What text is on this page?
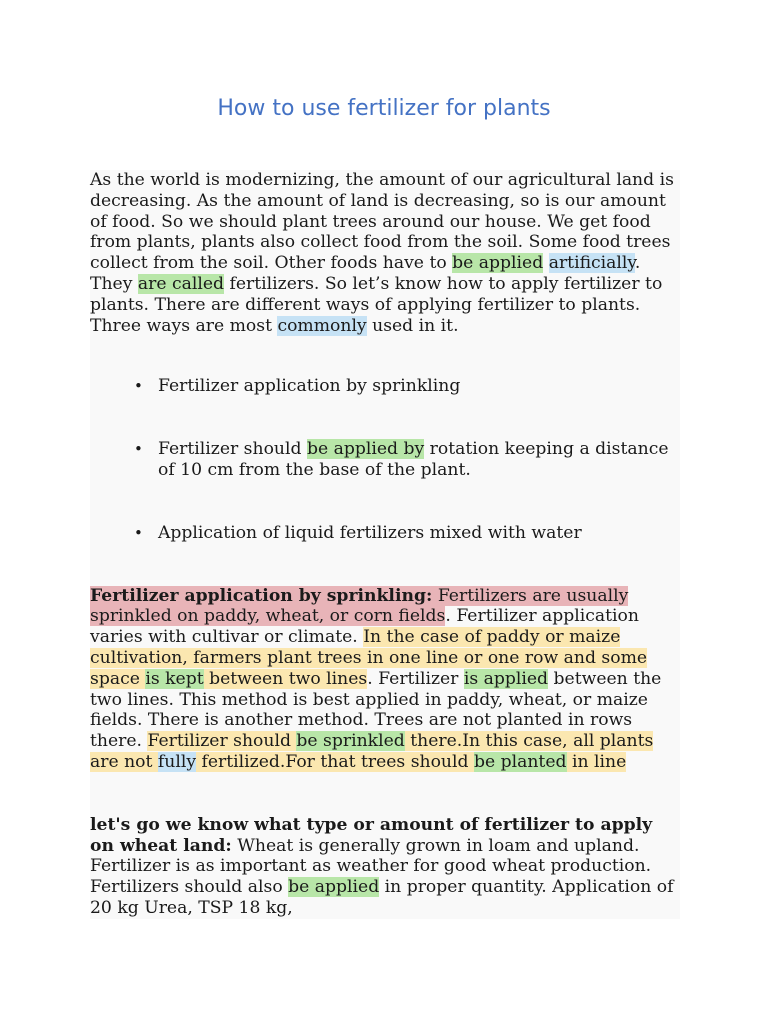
How to use fertilizer for plants

As the world is modernizing, the amount of our agricultural land is decreasing. As the amount of land is decreasing, so is our amount of food. So we should plant trees around our house. We get food from plants, plants also collect food from the soil. Some food trees collect from the soil. Other foods have to be applied artificially. They are called fertilizers. So let’s know how to apply fertilizer to plants. There are different ways of applying fertilizer to plants. Three ways are most commonly used in it.

• Fertilizer application by sprinkling
• Fertilizer should be applied by rotation keeping a distance of 10 cm from the base of the plant.
• Application of liquid fertilizers mixed with water

Fertilizer application by sprinkling: Fertilizers are usually sprinkled on paddy, wheat, or corn fields. Fertilizer application varies with cultivar or climate. In the case of paddy or maize cultivation, farmers plant trees in one line or one row and some space is kept between two lines. Fertilizer is applied between the two lines. This method is best applied in paddy, wheat, or maize fields. There is another method. Trees are not planted in rows there. Fertilizer should be sprinkled there.In this case, all plants are not fully fertilized.For that trees should be planted in line

let's go we know what type or amount of fertilizer to apply on wheat land: Wheat is generally grown in loam and upland. Fertilizer is as important as weather for good wheat production. Fertilizers should also be applied in proper quantity. Application of 20 kg Urea, TSP 18 kg,
